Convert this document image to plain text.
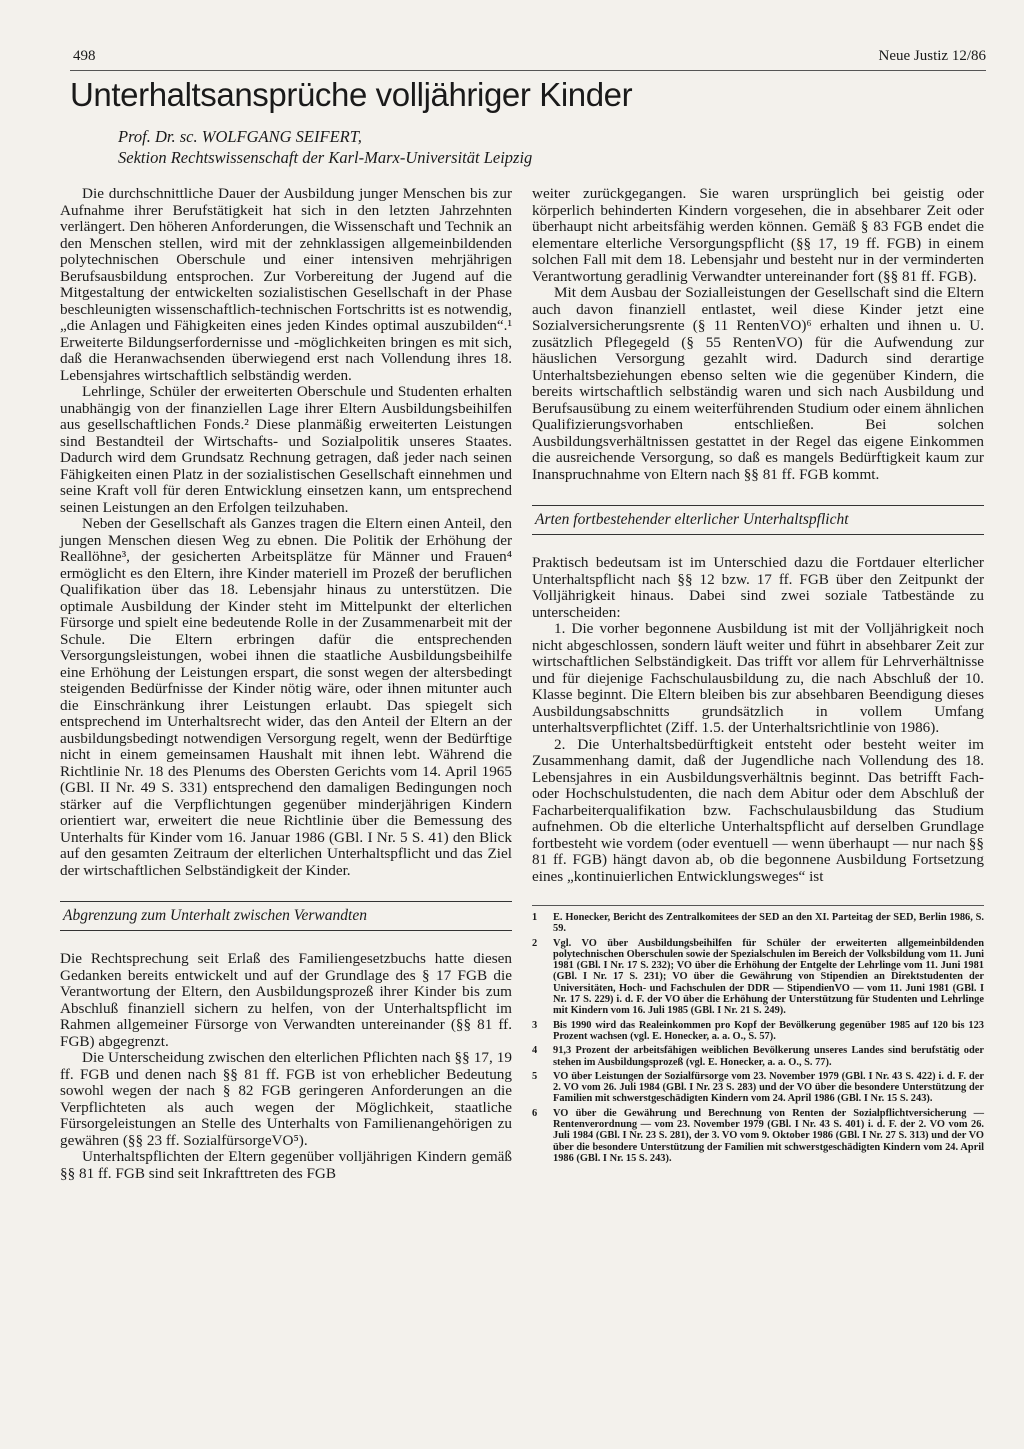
498	Neue Justiz 12/86
Unterhaltsansprüche volljähriger Kinder

Prof. Dr. sc. WOLFGANG SEIFERT,

Sektion Rechtswissenschaft der Karl-Marx-Universität Leipzig

Die durchschnittliche Dauer der Ausbildung junger Menschen bis zur Aufnahme ihrer Berufstätigkeit hat sich in den letzten Jahrzehnten verlängert. Den höheren Anforderungen, die Wissenschaft und Technik an den Menschen stellen, wird mit der zehnklassigen allgemeinbildenden polytechnischen Oberschule und einer intensiven mehrjährigen Berufsausbildung entsprochen. Zur Vorbereitung der Jugend auf die Mitgestaltung der entwickelten sozialistischen Gesellschaft in der Phase beschleunigten wissenschaftlich-technischen Fortschritts ist es notwendig, „die Anlagen und Fähigkeiten eines jeden Kindes optimal auszubilden“.¹ Erweiterte Bildungserfordernisse und -möglichkeiten bringen es mit sich, daß die Heranwachsenden überwiegend erst nach Vollendung ihres 18. Lebensjahres wirtschaftlich selbständig werden.

Lehrlinge, Schüler der erweiterten Oberschule und Studenten erhalten unabhängig von der finanziellen Lage ihrer Eltern Ausbildungsbeihilfen aus gesellschaftlichen Fonds.² Diese planmäßig erweiterten Leistungen sind Bestandteil der Wirtschafts- und Sozialpolitik unseres Staates. Dadurch wird dem Grundsatz Rechnung getragen, daß jeder nach seinen Fähigkeiten einen Platz in der sozialistischen Gesellschaft einnehmen und seine Kraft voll für deren Entwicklung einsetzen kann, um entsprechend seinen Leistungen an den Erfolgen teilzuhaben.

Neben der Gesellschaft als Ganzes tragen die Eltern einen Anteil, den jungen Menschen diesen Weg zu ebnen. Die Politik der Erhöhung der Reallöhne³, der gesicherten Arbeitsplätze für Männer und Frauen⁴ ermöglicht es den Eltern, ihre Kinder materiell im Prozeß der beruflichen Qualifikation über das 18. Lebensjahr hinaus zu unterstützen. Die optimale Ausbildung der Kinder steht im Mittelpunkt der elterlichen Fürsorge und spielt eine bedeutende Rolle in der Zusammenarbeit mit der Schule. Die Eltern erbringen dafür die entsprechenden Versorgungsleistungen, wobei ihnen die staatliche Ausbildungsbeihilfe eine Erhöhung der Leistungen erspart, die sonst wegen der altersbedingt steigenden Bedürfnisse der Kinder nötig wäre, oder ihnen mitunter auch die Einschränkung ihrer Leistungen erlaubt. Das spiegelt sich entsprechend im Unterhaltsrecht wider, das den Anteil der Eltern an der ausbildungsbedingt notwendigen Versorgung regelt, wenn der Bedürftige nicht in einem gemeinsamen Haushalt mit ihnen lebt. Während die Richtlinie Nr. 18 des Plenums des Obersten Gerichts vom 14. April 1965 (GBl. II Nr. 49 S. 331) entsprechend den damaligen Bedingungen noch stärker auf die Verpflichtungen gegenüber minderjährigen Kindern orientiert war, erweitert die neue Richtlinie über die Bemessung des Unterhalts für Kinder vom 16. Januar 1986 (GBl. I Nr. 5 S. 41) den Blick auf den gesamten Zeitraum der elterlichen Unterhaltspflicht und das Ziel der wirtschaftlichen Selbständigkeit der Kinder.

Abgrenzung zum Unterhalt zwischen Verwandten

Die Rechtsprechung seit Erlaß des Familiengesetzbuchs hatte diesen Gedanken bereits entwickelt und auf der Grundlage des § 17 FGB die Verantwortung der Eltern, den Ausbildungsprozeß ihrer Kinder bis zum Abschluß finanziell sichern zu helfen, von der Unterhaltspflicht im Rahmen allgemeiner Fürsorge von Verwandten untereinander (§§ 81 ff. FGB) abgegrenzt.

Die Unterscheidung zwischen den elterlichen Pflichten nach §§ 17, 19 ff. FGB und denen nach §§ 81 ff. FGB ist von erheblicher Bedeutung sowohl wegen der nach § 82 FGB geringeren Anforderungen an die Verpflichteten als auch wegen der Möglichkeit, staatliche Fürsorgeleistungen an Stelle des Unterhalts von Familienangehörigen zu gewähren (§§ 23 ff. SozialfürsorgeVO⁵).

Unterhaltspflichten der Eltern gegenüber volljährigen Kindern gemäß §§ 81 ff. FGB sind seit Inkrafttreten des FGB

weiter zurückgegangen. Sie waren ursprünglich bei geistig oder körperlich behinderten Kindern vorgesehen, die in absehbarer Zeit oder überhaupt nicht arbeitsfähig werden können. Gemäß § 83 FGB endet die elementare elterliche Versorgungspflicht (§§ 17, 19 ff. FGB) in einem solchen Fall mit dem 18. Lebensjahr und besteht nur in der verminderten Verantwortung geradlinig Verwandter untereinander fort (§§ 81 ff. FGB).

Mit dem Ausbau der Sozialleistungen der Gesellschaft sind die Eltern auch davon finanziell entlastet, weil diese Kinder jetzt eine Sozialversicherungsrente (§ 11 RentenVO)⁶ erhalten und ihnen u. U. zusätzlich Pflegegeld (§ 55 RentenVO) für die Aufwendung zur häuslichen Versorgung gezahlt wird. Dadurch sind derartige Unterhaltsbeziehungen ebenso selten wie die gegenüber Kindern, die bereits wirtschaftlich selbständig waren und sich nach Ausbildung und Berufsausübung zu einem weiterführenden Studium oder einem ähnlichen Qualifizierungsvorhaben entschließen. Bei solchen Ausbildungsverhältnissen gestattet in der Regel das eigene Einkommen die ausreichende Versorgung, so daß es mangels Bedürftigkeit kaum zur Inanspruchnahme von Eltern nach §§ 81 ff. FGB kommt.

Arten fortbestehender elterlicher Unterhaltspflicht

Praktisch bedeutsam ist im Unterschied dazu die Fortdauer elterlicher Unterhaltspflicht nach §§ 12 bzw. 17 ff. FGB über den Zeitpunkt der Volljährigkeit hinaus. Dabei sind zwei soziale Tatbestände zu unterscheiden:

1. Die vorher begonnene Ausbildung ist mit der Volljährigkeit noch nicht abgeschlossen, sondern läuft weiter und führt in absehbarer Zeit zur wirtschaftlichen Selbständigkeit. Das trifft vor allem für Lehrverhältnisse und für diejenige Fachschulausbildung zu, die nach Abschluß der 10. Klasse beginnt. Die Eltern bleiben bis zur absehbaren Beendigung dieses Ausbildungsabschnitts grundsätzlich in vollem Umfang unterhaltsverpflichtet (Ziff. 1.5. der Unterhaltsrichtlinie von 1986).

2. Die Unterhaltsbedürftigkeit entsteht oder besteht weiter im Zusammenhang damit, daß der Jugendliche nach Vollendung des 18. Lebensjahres in ein Ausbildungsverhältnis beginnt. Das betrifft Fach- oder Hochschulstudenten, die nach dem Abitur oder dem Abschluß der Facharbeiterqualifikation bzw. Fachschulausbildung das Studium aufnehmen. Ob die elterliche Unterhaltspflicht auf derselben Grundlage fortbesteht wie vordem (oder eventuell — wenn überhaupt — nur nach §§ 81 ff. FGB) hängt davon ab, ob die begonnene Ausbildung Fortsetzung eines „kontinuierlichen Entwicklungsweges“ ist

1	E. Honecker, Bericht des Zentralkomitees der SED an den XI. Parteitag der SED, Berlin 1986, S. 59.
2	Vgl. VO über Ausbildungsbeihilfen für Schüler der erweiterten allgemeinbildenden polytechnischen Oberschulen sowie der Spezialschulen im Bereich der Volksbildung vom 11. Juni 1981 (GBl. I Nr. 17 S. 232); VO über die Erhöhung der Entgelte der Lehrlinge vom 11. Juni 1981 (GBl. I Nr. 17 S. 231); VO über die Gewährung von Stipendien an Direktstudenten der Universitäten, Hoch- und Fachschulen der DDR — StipendienVO — vom 11. Juni 1981 (GBl. I Nr. 17 S. 229) i. d. F. der VO über die Erhöhung der Unterstützung für Studenten und Lehrlinge mit Kindern vom 16. Juli 1985 (GBl. I Nr. 21 S. 249).
3	Bis 1990 wird das Realeinkommen pro Kopf der Bevölkerung gegenüber 1985 auf 120 bis 123 Prozent wachsen (vgl. E. Honecker, a. a. O., S. 57).
4	91,3 Prozent der arbeitsfähigen weiblichen Bevölkerung unseres Landes sind berufstätig oder stehen im Ausbildungsprozeß (vgl. E. Honecker, a. a. O., S. 77).
5	VO über Leistungen der Sozialfürsorge vom 23. November 1979 (GBl. I Nr. 43 S. 422) i. d. F. der 2. VO vom 26. Juli 1984 (GBl. I Nr. 23 S. 283) und der VO über die besondere Unterstützung der Familien mit schwerstgeschädigten Kindern vom 24. April 1986 (GBl. I Nr. 15 S. 243).
6	VO über die Gewährung und Berechnung von Renten der Sozialpflichtversicherung — Rentenverordnung — vom 23. November 1979 (GBl. I Nr. 43 S. 401) i. d. F. der 2. VO vom 26. Juli 1984 (GBl. I Nr. 23 S. 281), der 3. VO vom 9. Oktober 1986 (GBl. I Nr. 27 S. 313) und der VO über die besondere Unterstützung der Familien mit schwerstgeschädigten Kindern vom 24. April 1986 (GBl. I Nr. 15 S. 243).
